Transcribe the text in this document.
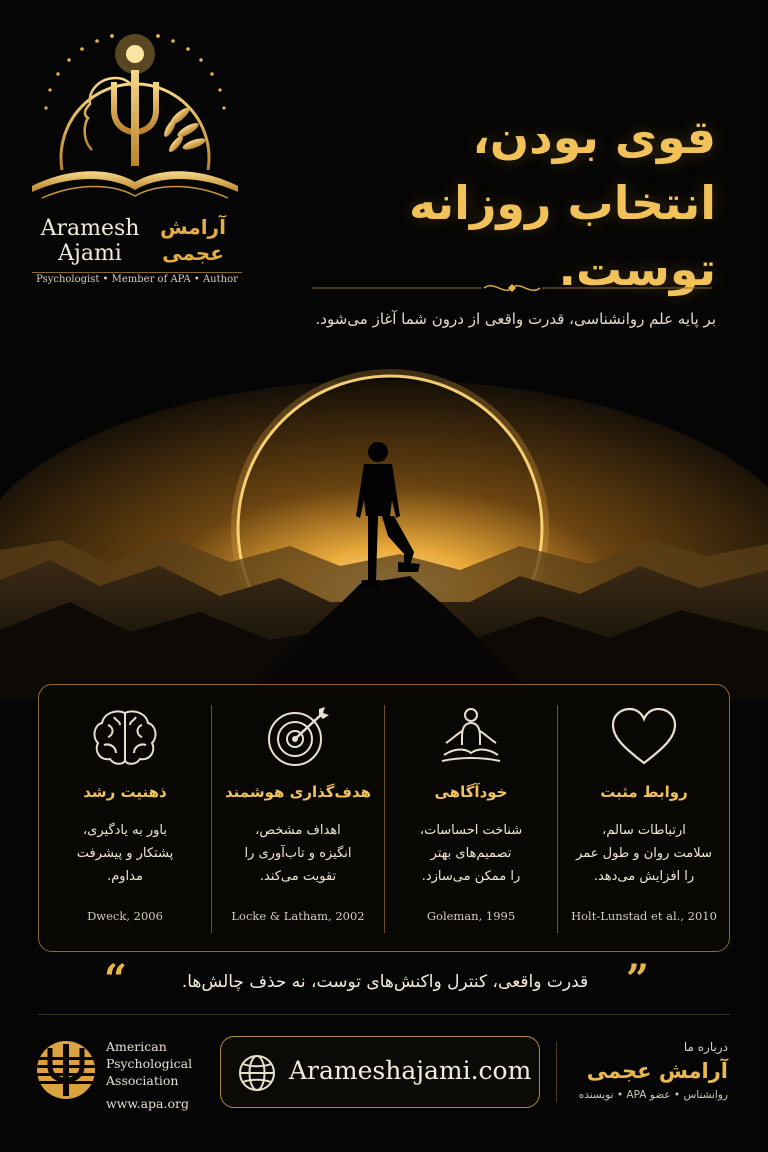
Aramesh
Ajami
آرامش
عجمی
Psychologist • Member of APA • Author
قوی بودن،
انتخاب روزانه توست.
بر پایه علم روانشناسی، قدرت واقعی از درون شما آغاز می‌شود.
ذهنیت رشد
باور به یادگیری،
پشتکار و پیشرفت
مداوم.
Dweck, 2006
هدف‌گذاری هوشمند
اهداف مشخص،
انگیزه و تاب‌آوری را
تقویت می‌کند.
Locke & Latham, 2002
خودآگاهی
شناخت احساسات،
تصمیم‌های بهتر
را ممکن می‌سازد.
Goleman, 1995
روابط مثبت
ارتباطات سالم،
سلامت روان و طول عمر
را افزایش می‌دهد.
Holt-Lunstad et al., 2010
“	قدرت واقعی، کنترل واکنش‌های توست، نه حذف چالش‌ها. ”
American
Psychological
Association
www.apa.org
Arameshajami.com
درباره ما
آرامش عجمی
روانشناس • عضو APA • نویسنده
